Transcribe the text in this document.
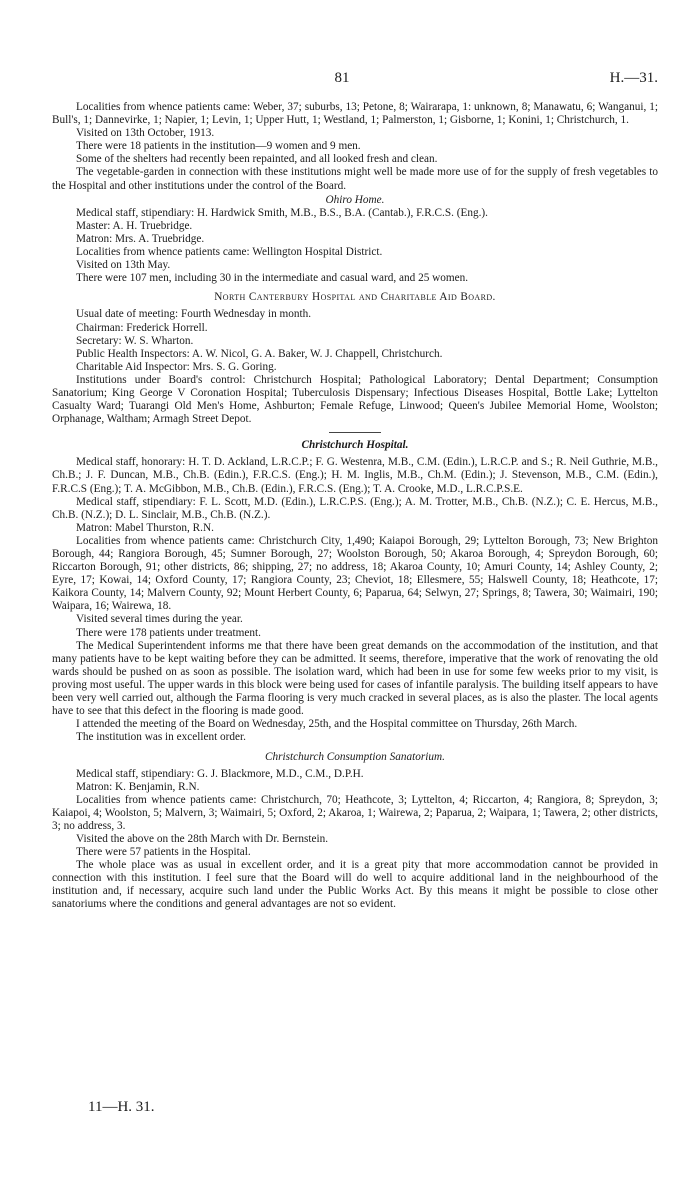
81	H.—31.

Localities from whence patients came: Weber, 37; suburbs, 13; Petone, 8; Wairarapa, 1: unknown, 8; Manawatu, 6; Wanganui, 1; Bull's, 1; Dannevirke, 1; Napier, 1; Levin, 1; Upper Hutt, 1; Westland, 1; Palmerston, 1; Gisborne, 1; Konini, 1; Christchurch, 1.

Visited on 13th October, 1913.

There were 18 patients in the institution—9 women and 9 men.

Some of the shelters had recently been repainted, and all looked fresh and clean.

The vegetable-garden in connection with these institutions might well be made more use of for the supply of fresh vegetables to the Hospital and other institutions under the control of the Board.

Ohiro Home.

Medical staff, stipendiary: H. Hardwick Smith, M.B., B.S., B.A. (Cantab.), F.R.C.S. (Eng.).

Master: A. H. Truebridge.

Matron: Mrs. A. Truebridge.

Localities from whence patients came: Wellington Hospital District.

Visited on 13th May.

There were 107 men, including 30 in the intermediate and casual ward, and 25 women.

North Canterbury Hospital and Charitable Aid Board.

Usual date of meeting: Fourth Wednesday in month.

Chairman: Frederick Horrell.

Secretary: W. S. Wharton.

Public Health Inspectors: A. W. Nicol, G. A. Baker, W. J. Chappell, Christchurch.

Charitable Aid Inspector: Mrs. S. G. Goring.

Institutions under Board's control: Christchurch Hospital; Pathological Laboratory; Dental Department; Consumption Sanatorium; King George V Coronation Hospital; Tuberculosis Dispensary; Infectious Diseases Hospital, Bottle Lake; Lyttelton Casualty Ward; Tuarangi Old Men's Home, Ashburton; Female Refuge, Linwood; Queen's Jubilee Memorial Home, Woolston; Orphanage, Waltham; Armagh Street Depot.

Christchurch Hospital.

Medical staff, honorary: H. T. D. Ackland, L.R.C.P.; F. G. Westenra, M.B., C.M. (Edin.), L.R.C.P. and S.; R. Neil Guthrie, M.B., Ch.B.; J. F. Duncan, M.B., Ch.B. (Edin.), F.R.C.S. (Eng.); H. M. Inglis, M.B., Ch.M. (Edin.); J. Stevenson, M.B., C.M. (Edin.), F.R.C.S (Eng.); T. A. McGibbon, M.B., Ch.B. (Edin.), F.R.C.S. (Eng.); T. A. Crooke, M.D., L.R.C.P.S.E.

Medical staff, stipendiary: F. L. Scott, M.D. (Edin.), L.R.C.P.S. (Eng.); A. M. Trotter, M.B., Ch.B. (N.Z.); C. E. Hercus, M.B., Ch.B. (N.Z.); D. L. Sinclair, M.B., Ch.B. (N.Z.).

Matron: Mabel Thurston, R.N.

Localities from whence patients came: Christchurch City, 1,490; Kaiapoi Borough, 29; Lyttelton Borough, 73; New Brighton Borough, 44; Rangiora Borough, 45; Sumner Borough, 27; Woolston Borough, 50; Akaroa Borough, 4; Spreydon Borough, 60; Riccarton Borough, 91; other districts, 86; shipping, 27; no address, 18; Akaroa County, 10; Amuri County, 14; Ashley County, 2; Eyre, 17; Kowai, 14; Oxford County, 17; Rangiora County, 23; Cheviot, 18; Ellesmere, 55; Halswell County, 18; Heathcote, 17; Kaikora County, 14; Malvern County, 92; Mount Herbert County, 6; Paparua, 64; Selwyn, 27; Springs, 8; Tawera, 30; Waimairi, 190; Waipara, 16; Wairewa, 18.

Visited several times during the year.

There were 178 patients under treatment.

The Medical Superintendent informs me that there have been great demands on the accommodation of the institution, and that many patients have to be kept waiting before they can be admitted. It seems, therefore, imperative that the work of renovating the old wards should be pushed on as soon as possible. The isolation ward, which had been in use for some few weeks prior to my visit, is proving most useful. The upper wards in this block were being used for cases of infantile paralysis. The building itself appears to have been very well carried out, although the Farma flooring is very much cracked in several places, as is also the plaster. The local agents have to see that this defect in the flooring is made good.

I attended the meeting of the Board on Wednesday, 25th, and the Hospital committee on Thursday, 26th March.

The institution was in excellent order.

Christchurch Consumption Sanatorium.

Medical staff, stipendiary: G. J. Blackmore, M.D., C.M., D.P.H.

Matron: K. Benjamin, R.N.

Localities from whence patients came: Christchurch, 70; Heathcote, 3; Lyttelton, 4; Riccarton, 4; Rangiora, 8; Spreydon, 3; Kaiapoi, 4; Woolston, 5; Malvern, 3; Waimairi, 5; Oxford, 2; Akaroa, 1; Wairewa, 2; Paparua, 2; Waipara, 1; Tawera, 2; other districts, 3; no address, 3.

Visited the above on the 28th March with Dr. Bernstein.

There were 57 patients in the Hospital.

The whole place was as usual in excellent order, and it is a great pity that more accommodation cannot be provided in connection with this institution. I feel sure that the Board will do well to acquire additional land in the neighbourhood of the institution and, if necessary, acquire such land under the Public Works Act. By this means it might be possible to close other sanatoriums where the conditions and general advantages are not so evident.

11—H. 31.
